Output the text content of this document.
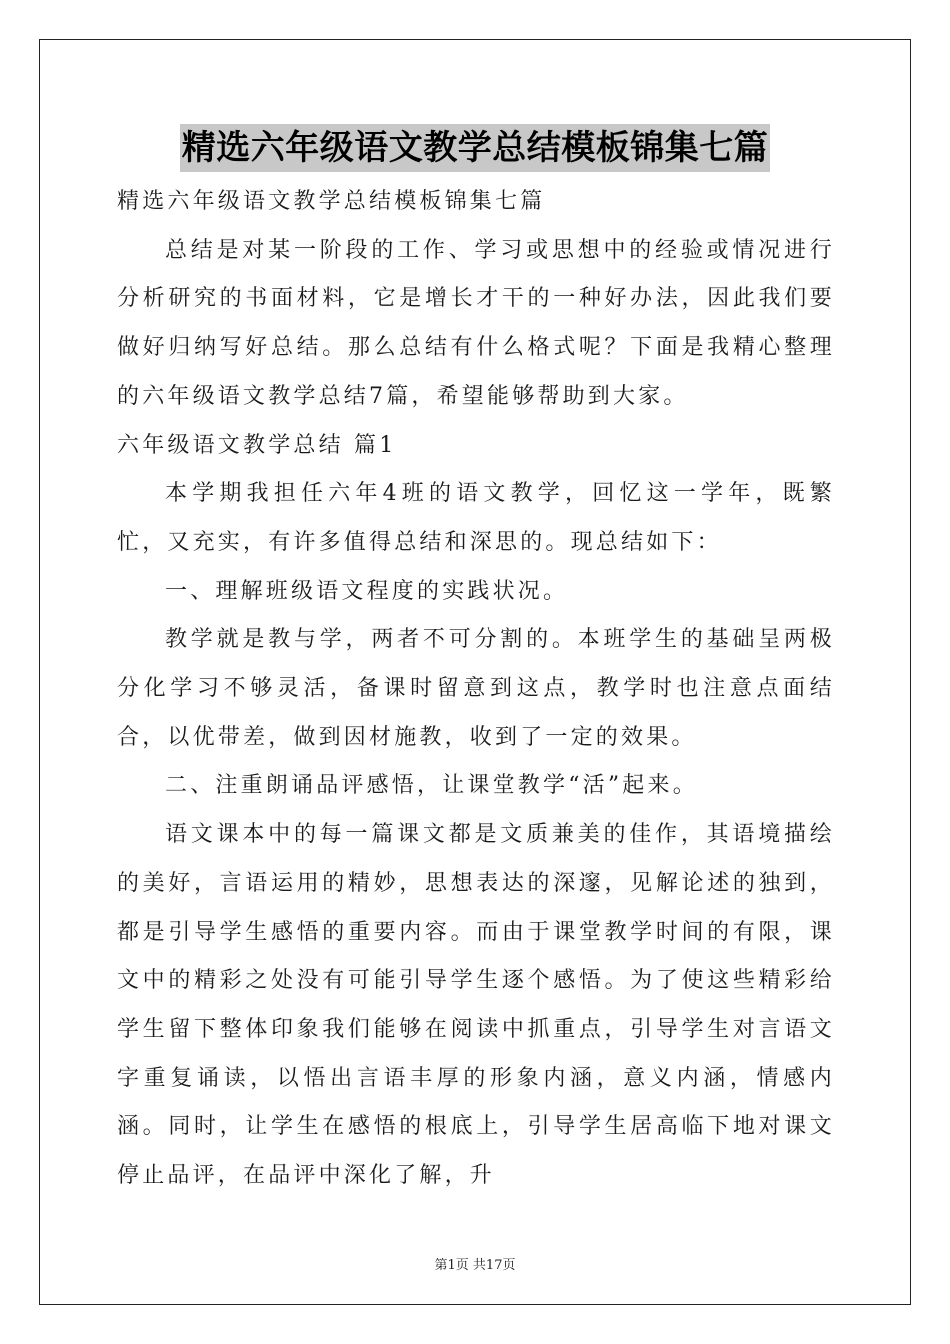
精选六年级语文教学总结模板锦集七篇

精选六年级语文教学总结模板锦集七篇

总结是对某一阶段的工作、学习或思想中的经验或情况进行分析研究的书面材料，它是增长才干的一种好办法，因此我们要做好归纳写好总结。那么总结有什么格式呢？下面是我精心整理的六年级语文教学总结7篇，希望能够帮助到大家。

六年级语文教学总结 篇1

本学期我担任六年4班的语文教学，回忆这一学年，既繁忙，又充实，有许多值得总结和深思的。现总结如下：

一、理解班级语文程度的实践状况。

教学就是教与学，两者不可分割的。本班学生的基础呈两极分化学习不够灵活，备课时留意到这点，教学时也注意点面结合，以优带差，做到因材施教，收到了一定的效果。

二、注重朗诵品评感悟，让课堂教学“活”起来。

语文课本中的每一篇课文都是文质兼美的佳作，其语境描绘的美好，言语运用的精妙，思想表达的深邃，见解论述的独到，都是引导学生感悟的重要内容。而由于课堂教学时间的有限，课文中的精彩之处没有可能引导学生逐个感悟。为了使这些精彩给学生留下整体印象我们能够在阅读中抓重点，引导学生对言语文字重复诵读，以悟出言语丰厚的形象内涵，意义内涵，情感内涵。同时，让学生在感悟的根底上，引导学生居高临下地对课文停止品评，在品评中深化了解，升

第1页 共17页
